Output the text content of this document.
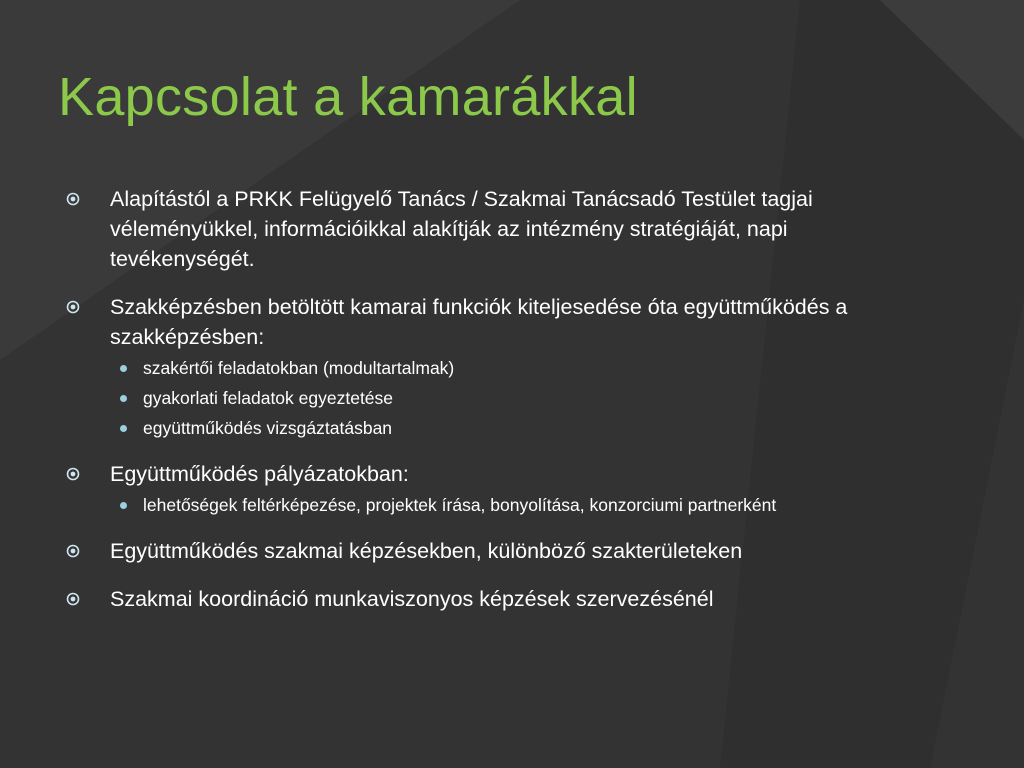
Kapcsolat a kamarákkal
Alapítástól a PRKK Felügyelő Tanács / Szakmai Tanácsadó Testület tagjai véleményükkel, információikkal alakítják az intézmény stratégiáját, napi tevékenységét.
Szakképzésben betöltött kamarai funkciók kiteljesedése óta együttműködés a szakképzésben:
szakértői feladatokban (modultartalmak)
gyakorlati feladatok egyeztetése
együttműködés vizsgáztatásban
Együttműködés pályázatokban:
lehetőségek feltérképezése, projektek írása, bonyolítása, konzorciumi partnerként
Együttműködés szakmai képzésekben, különböző szakterületeken
Szakmai koordináció munkaviszonyos képzések szervezésénél
